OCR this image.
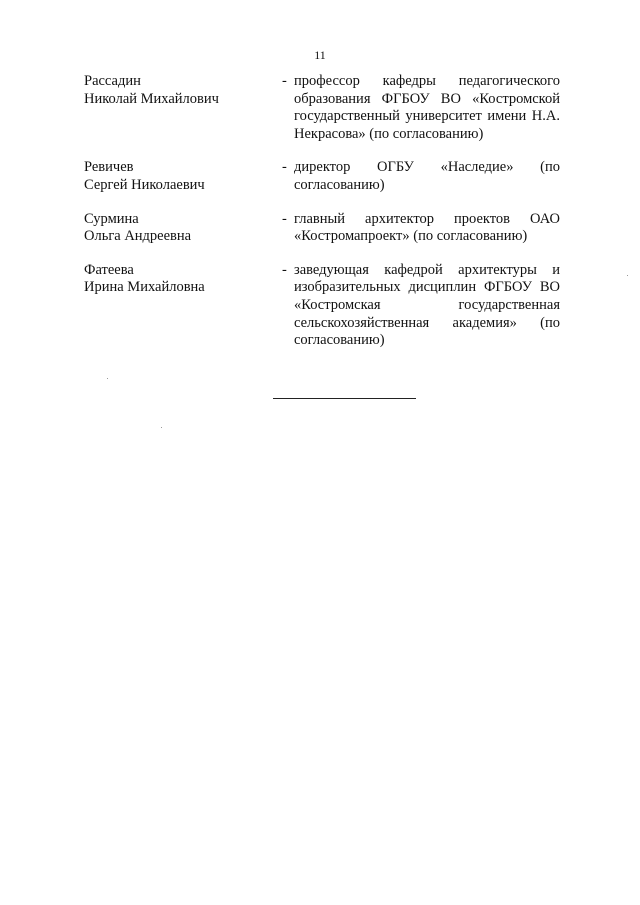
11
Рассадин
Николай Михайлович
- профессор кафедры педагогического образования ФГБОУ ВО «Костромской государственный университет имени Н.А. Некрасова» (по согласованию)
Ревичев
Сергей Николаевич
- директор ОГБУ «Наследие» (по согласованию)
Сурмина
Ольга Андреевна
- главный архитектор проектов ОАО «Костромапроект» (по согласованию)
Фатеева
Ирина Михайловна
- заведующая кафедрой архитектуры и изобразительных дисциплин ФГБОУ ВО «Костромская государственная сельскохозяйственная академия» (по согласованию)
